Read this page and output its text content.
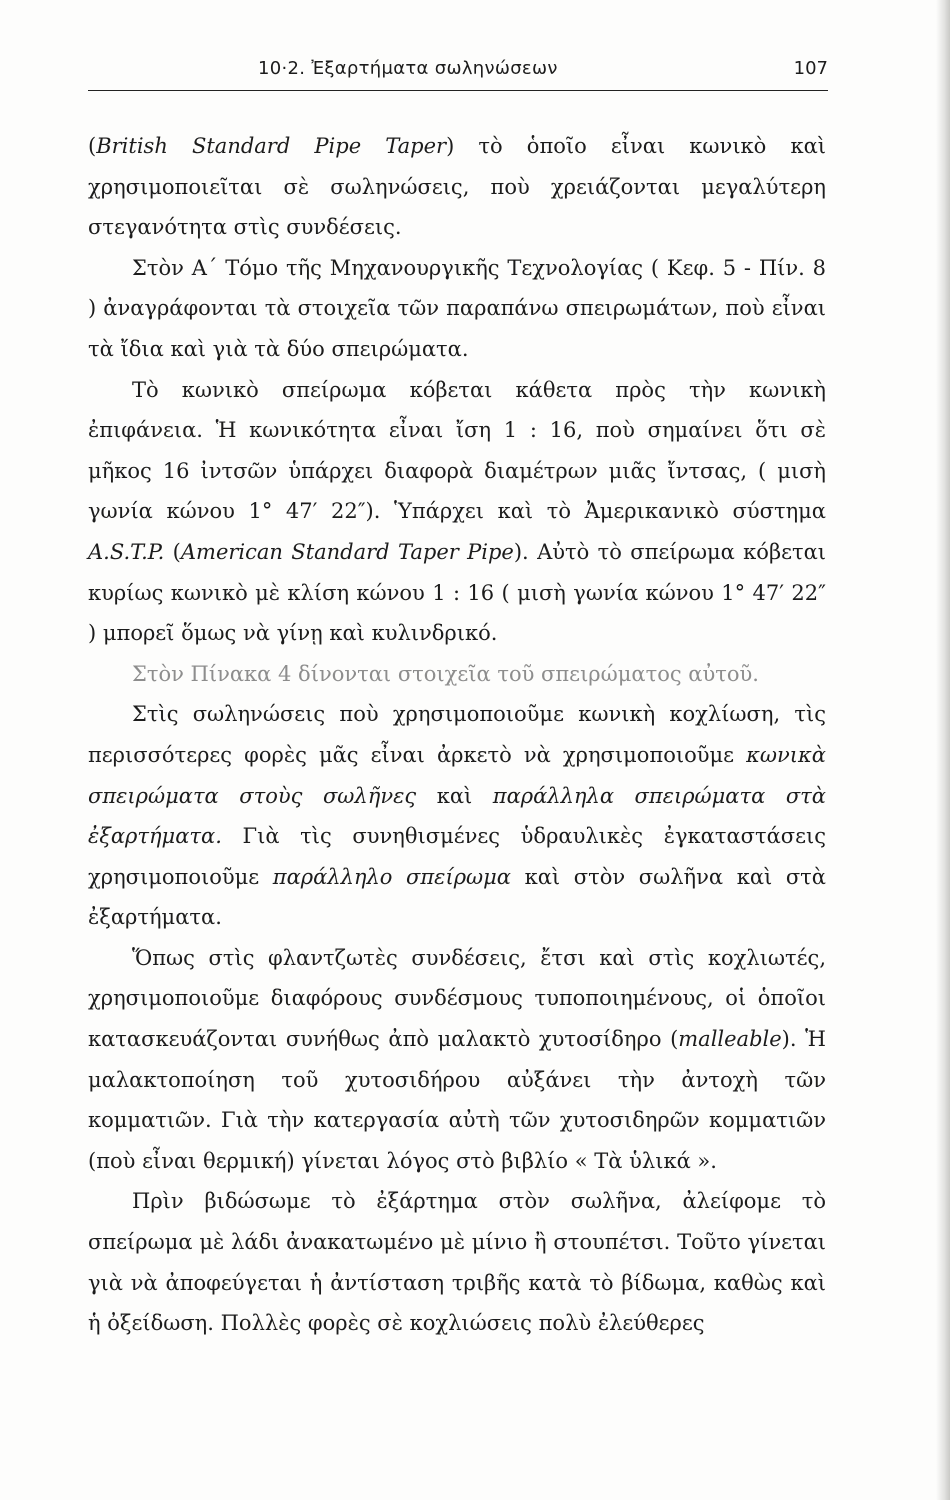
10·2. Ἐξαρτήματα σωληνώσεων	107

(British Standard Pipe Taper) τὸ ὁποῖο εἶναι κωνικὸ καὶ χρησιμοποιεῖται σὲ σωληνώσεις, ποὺ χρειάζονται μεγαλύτερη στεγανότητα στὶς συνδέσεις.

Στὸν Α΄ Τόμο τῆς Μηχανουργικῆς Τεχνολογίας ( Κεφ. 5 - Πίν. 8 ) ἀναγράφονται τὰ στοιχεῖα τῶν παραπάνω σπειρωμάτων, ποὺ εἶναι τὰ ἴδια καὶ γιὰ τὰ δύο σπειρώματα.

Τὸ κωνικὸ σπείρωμα κόβεται κάθετα πρὸς τὴν κωνικὴ ἐπιφάνεια. Ἡ κωνικότητα εἶναι ἴση 1 : 16, ποὺ σημαίνει ὅτι σὲ μῆκος 16 ἰντσῶν ὑπάρχει διαφορὰ διαμέτρων μιᾶς ἴντσας, ( μισὴ γωνία κώνου 1° 47′ 22″). Ὑπάρχει καὶ τὸ Ἀμερικανικὸ σύστημα A.S.T.P. (American Standard Taper Pipe). Αὐτὸ τὸ σπείρωμα κόβεται κυρίως κωνικὸ μὲ κλίση κώνου 1 : 16 ( μισὴ γωνία κώνου 1° 47′ 22″ ) μπορεῖ ὅμως νὰ γίνῃ καὶ κυλινδρικό.

Στὸν Πίνακα 4 δίνονται στοιχεῖα τοῦ σπειρώματος αὐτοῦ.

Στὶς σωληνώσεις ποὺ χρησιμοποιοῦμε κωνικὴ κοχλίωση, τὶς περισσότερες φορὲς μᾶς εἶναι ἀρκετὸ νὰ χρησιμοποιοῦμε κωνικὰ σπειρώματα στοὺς σωλῆνες καὶ παράλληλα σπειρώματα στὰ ἐξαρτήματα. Γιὰ τὶς συνηθισμένες ὑδραυλικὲς ἐγκαταστάσεις χρησιμοποιοῦμε παράλληλο σπείρωμα καὶ στὸν σωλῆνα καὶ στὰ ἐξαρτήματα.

Ὅπως στὶς φλαντζωτὲς συνδέσεις, ἔτσι καὶ στὶς κοχλιωτές, χρησιμοποιοῦμε διαφόρους συνδέσμους τυποποιημένους, οἱ ὁποῖοι κατασκευάζονται συνήθως ἀπὸ μαλακτὸ χυτοσίδηρο (malleable). Ἡ μαλακτοποίηση τοῦ χυτοσιδήρου αὐξάνει τὴν ἀντοχὴ τῶν κομματιῶν. Γιὰ τὴν κατεργασία αὐτὴ τῶν χυτοσιδηρῶν κομματιῶν (ποὺ εἶναι θερμική) γίνεται λόγος στὸ βιβλίο « Τὰ ὑλικά ».

Πρὶν βιδώσωμε τὸ ἐξάρτημα στὸν σωλῆνα, ἀλείφομε τὸ σπείρωμα μὲ λάδι ἀνακατωμένο μὲ μίνιο ἢ στουπέτσι. Τοῦτο γίνεται γιὰ νὰ ἀποφεύγεται ἡ ἀντίσταση τριβῆς κατὰ τὸ βίδωμα, καθὼς καὶ ἡ ὀξείδωση. Πολλὲς φορὲς σὲ κοχλιώσεις πολὺ ἐλεύθερες
